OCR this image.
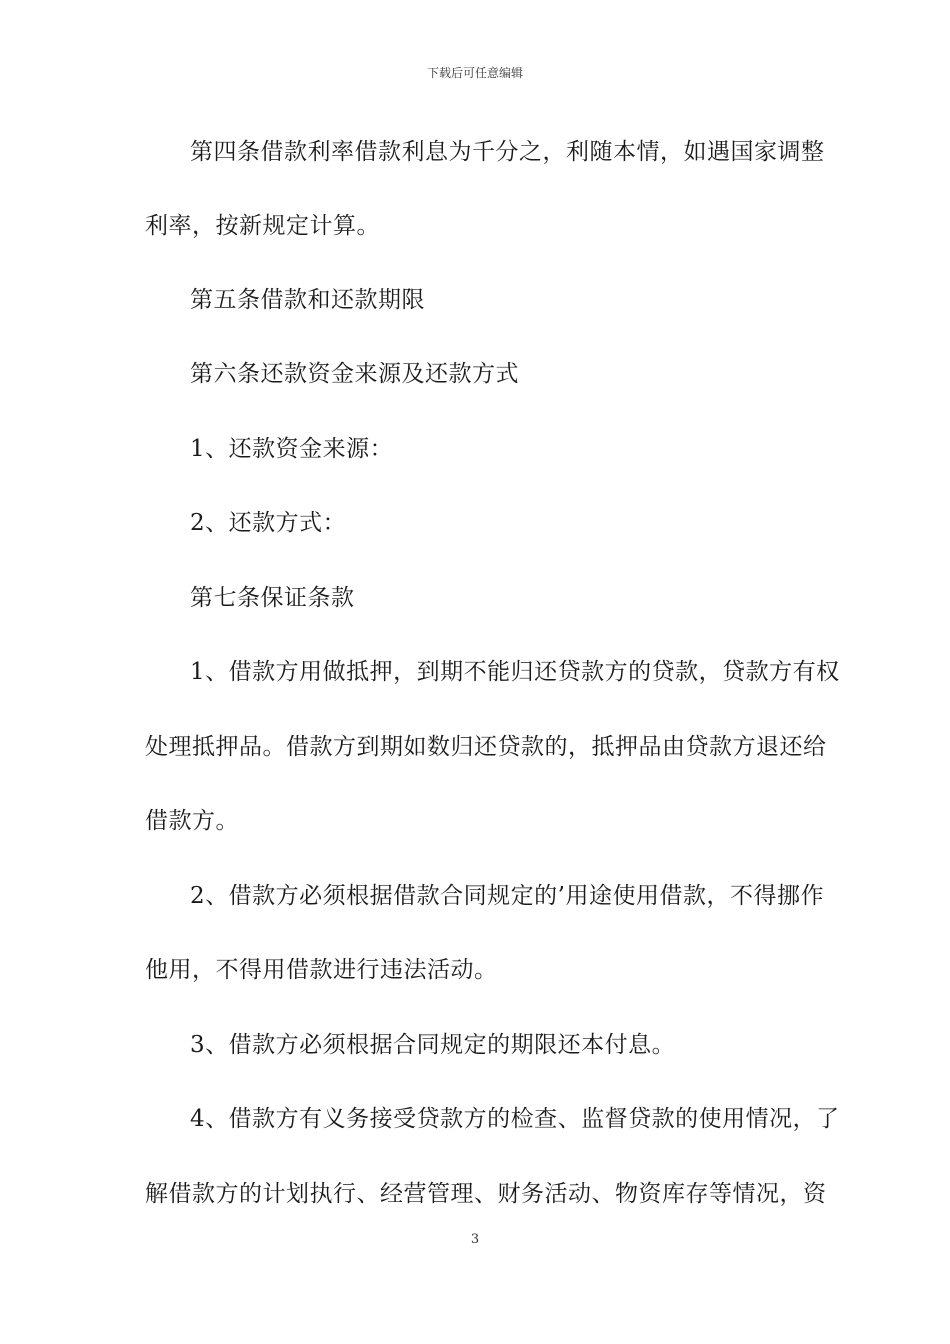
下载后可任意编辑
第四条借款利率借款利息为千分之，利随本情，如遇国家调整
利率，按新规定计算。
第五条借款和还款期限
第六条还款资金来源及还款方式
1、还款资金来源：
2、还款方式：
第七条保证条款
1、借款方用做抵押，到期不能归还贷款方的贷款，贷款方有权
处理抵押品。借款方到期如数归还贷款的，抵押品由贷款方退还给
借款方。
2、借款方必须根据借款合同规定的’用途使用借款，不得挪作
他用，不得用借款进行违法活动。
3、借款方必须根据合同规定的期限还本付息。
4、借款方有义务接受贷款方的检查、监督贷款的使用情况，了
解借款方的计划执行、经营管理、财务活动、物资库存等情况，资
3
